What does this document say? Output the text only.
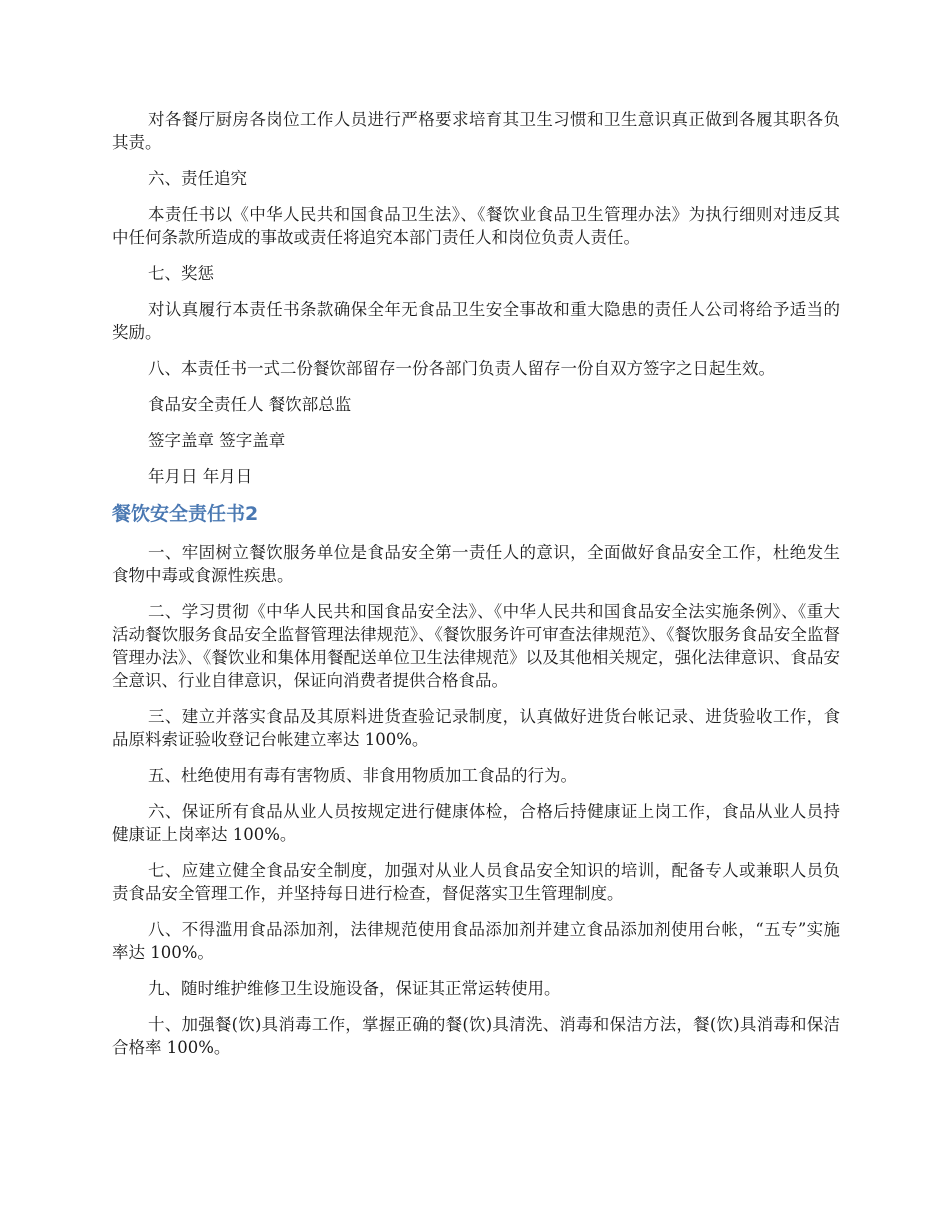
对各餐厅厨房各岗位工作人员进行严格要求培育其卫生习惯和卫生意识真正做到各履其职各负其责。

六、责任追究

本责任书以《中华人民共和国食品卫生法》、《餐饮业食品卫生管理办法》为执行细则对违反其中任何条款所造成的事故或责任将追究本部门责任人和岗位负责人责任。

七、奖惩

对认真履行本责任书条款确保全年无食品卫生安全事故和重大隐患的责任人公司将给予适当的奖励。

八、本责任书一式二份餐饮部留存一份各部门负责人留存一份自双方签字之日起生效。

食品安全责任人 餐饮部总监

签字盖章 签字盖章

年月日 年月日

餐饮安全责任书2

一、牢固树立餐饮服务单位是食品安全第一责任人的意识，全面做好食品安全工作，杜绝发生食物中毒或食源性疾患。

二、学习贯彻《中华人民共和国食品安全法》、《中华人民共和国食品安全法实施条例》、《重大活动餐饮服务食品安全监督管理法律规范》、《餐饮服务许可审查法律规范》、《餐饮服务食品安全监督管理办法》、《餐饮业和集体用餐配送单位卫生法律规范》以及其他相关规定，强化法律意识、食品安全意识、行业自律意识，保证向消费者提供合格食品。

三、建立并落实食品及其原料进货查验记录制度，认真做好进货台帐记录、进货验收工作，食品原料索证验收登记台帐建立率达 100%。

五、杜绝使用有毒有害物质、非食用物质加工食品的行为。

六、保证所有食品从业人员按规定进行健康体检，合格后持健康证上岗工作，食品从业人员持健康证上岗率达 100%。

七、应建立健全食品安全制度，加强对从业人员食品安全知识的培训，配备专人或兼职人员负责食品安全管理工作，并坚持每日进行检查，督促落实卫生管理制度。

八、不得滥用食品添加剂，法律规范使用食品添加剂并建立食品添加剂使用台帐，“五专”实施率达 100%。

九、随时维护维修卫生设施设备，保证其正常运转使用。

十、加强餐(饮)具消毒工作，掌握正确的餐(饮)具清洗、消毒和保洁方法，餐(饮)具消毒和保洁合格率 100%。
